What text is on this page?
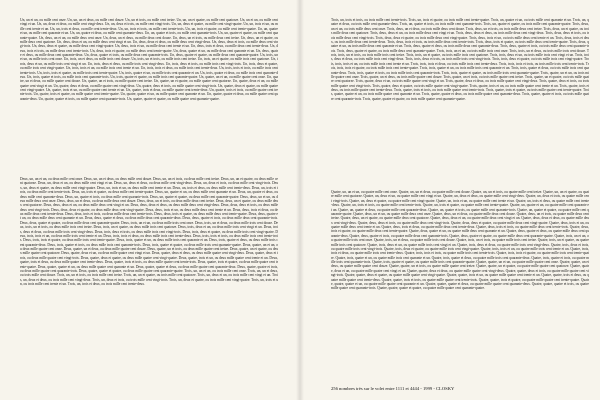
Un, un et un, ou mille cent onze. Un, un, un et deux, ou mille cent douze. Un, un et trois, ou mille cent treize. Un, un, un et quatre, ou mille cent quatorze. Un, un et un, ou mille cent vingt et un. Un, un, deux et deux, ou mille cent vingt-deux. Un, un, deux et trois, ou mille cent vingt-trois. Un, un, deux et quatre, ou mille cent vingt-quatre. Un, un, trois et un, ou mille cent trente et un. Un, un, trois et deux, ou mille cent trente-deux. Un, un, trois et trois, ou mille cent trente-trois. Un, un, trois et quatre, ou mille cent trente-quatre. Un, un, quatre et un, ou mille cent quarante et un. Un, un, quatre et deux, ou mille cent quarante-deux. Un, un, quatre et trois, ou mille cent quarante-trois. Un, un, quatre et quatre, ou mille cent quarante-quatre. Un, deux, un et un, ou mille deux cent onze. Un, deux, un et deux, ou mille deux cent douze. Un, deux, un et trois, ou mille deux cent treize. Un, deux, un et quatre, ou mille deux cent quatorze. Un, deux, deux et un, ou mille deux cent vingt et un. Un, deux, deux et deux, ou mille deux cent vingt-deux. Un, deux, deux et trois, ou mille deux cent vingt-trois. Un, deux, deux et quatre, ou mille deux cent vingt-quatre. Un, deux, trois et un, ou mille deux cent trente et un. Un, deux, trois et deux, ou mille deux cent trente-deux. Un, deux, trois et trois, ou mille deux cent trente-trois. Un, deux, trois et quatre, ou mille deux cent trente-quatre. Un, deux, quatre et un, ou mille deux cent quarante et un. Un, deux, quatre et deux, ou mille deux cent quarante-deux. Un, deux, quatre et trois, ou mille deux cent quarante-trois. Un, deux, quatre et quatre, ou mille deux cent quarante-quatre. Un, trois, un et un, ou mille trois cent onze. Un, trois, un et deux, ou mille trois cent douze. Un, trois, un et trois, ou mille trois cent treize. Un, trois, un et quatre, ou mille trois cent quatorze. Un, trois, deux et un, ou mille trois cent vingt et un. Un, trois, deux et deux, ou mille trois cent vingt-deux. Un, trois, deux et trois, ou mille trois cent vingt-trois. Un, trois, deux et quatre, ou mille trois cent vingt-quatre. Un, trois, trois et un, ou mille trois cent trente et un. Un, trois, trois et deux, ou mille trois cent trente-deux. Un, trois, trois et trois, ou mille trois cent trente-trois. Un, trois, trois et quatre, ou mille trois cent trente-quatre. Un, trois, quatre et un, ou mille trois cent quarante et un. Un, trois, quatre et deux, ou mille trois cent quarante-deux. Un, trois, quatre et trois, ou mille trois cent quarante-trois. Un, trois, quatre et quatre, ou mille trois cent quarante-quatre. Un, quatre, un et un, ou mille quatre cent onze. Un, quatre, un et deux, ou mille quatre cent douze. Un, quatre, un et trois, ou mille quatre cent treize. Un, quatre, un et quatre, ou mille quatre cent quatorze. Un, quatre, deux et un, ou mille quatre cent vingt et un. Un, quatre, deux et deux, ou mille quatre cent vingt-deux. Un, quatre, deux et trois, ou mille quatre cent vingt-trois. Un, quatre, deux et quatre, ou mille quatre cent vingt-quatre. Un, quatre, trois et un, ou mille quatre cent trente et un. Un, quatre, trois et deux, ou mille quatre cent trente-deux. Un, quatre, trois et trois, ou mille quatre cent trente-trois. Un, quatre, trois et quatre, ou mille quatre cent trente-quatre. Un, quatre, quatre et un, ou mille quatre cent quarante et un. Un, quatre, quatre et deux, ou mille quatre cent quarante-deux. Un, quatre, quatre et trois, ou mille quatre cent quarante-trois. Un, quatre, quatre et quatre, ou mille quatre cent quarante-quatre.

Deux, un, un et un, ou deux mille cent onze. Deux, un, un et deux, ou deux mille cent douze. Deux, un, un et trois, ou deux mille cent treize. Deux, un, un et quatre, ou deux mille cent quatorze. Deux, un, deux et un, ou deux mille cent vingt et un. Deux, un, deux et deux, ou deux mille cent vingt-deux. Deux, un, deux et trois, ou deux mille cent vingt-trois. Deux, un, deux et quatre, ou deux mille cent vingt-quatre. Deux, un, trois et un, ou deux mille cent trente et un. Deux, un, trois et deux, ou deux mille cent trente-deux. Deux, un, trois et trois, ou deux mille cent trente-trois. Deux, un, trois et quatre, ou deux mille cent trente-quatre. Deux, un, quatre et un, ou deux mille cent quarante et un. Deux, un, quatre et deux, ou deux mille cent quarante-deux. Deux, un, quatre et trois, ou deux mille cent quarante-trois. Deux, un, quatre et quatre, ou deux mille cent quarante-quatre. Deux, deux, un et un, ou deux mille deux cent onze. Deux, deux, un et deux, ou deux mille deux cent douze. Deux, deux, un et trois, ou deux mille deux cent treize. Deux, deux, un et quatre, ou deux mille deux cent quatorze. Deux, deux, deux et un, ou deux mille deux cent vingt et un. Deux, deux, deux et deux, ou deux mille deux cent vingt-deux. Deux, deux, deux et trois, ou deux mille deux cent vingt-trois. Deux, deux, deux et quatre, ou deux mille deux cent vingt-quatre. Deux, deux, trois et un, ou deux mille deux cent trente et un. Deux, deux, trois et deux, ou deux mille deux cent trente-deux. Deux, deux, trois et trois, ou deux mille deux cent trente-trois. Deux, deux, trois et quatre, ou deux mille deux cent trente-quatre. Deux, deux, quatre et un, ou deux mille deux cent quarante et un. Deux, deux, quatre et deux, ou deux mille deux cent quarante-deux. Deux, deux, quatre et trois, ou deux mille deux cent quarante-trois. Deux, deux, quatre et quatre, ou deux mille deux cent quarante-quatre. Deux, trois, un et un, ou deux mille trois cent onze. Deux, trois, un et deux, ou deux mille trois cent douze. Deux, trois, un et trois, ou deux mille trois cent treize. Deux, trois, un et quatre, ou deux mille trois cent quatorze. Deux, trois, deux et un, ou deux mille trois cent vingt et un. Deux, trois, deux et deux, ou deux mille trois cent vingt-deux. Deux, trois, deux et trois, ou deux mille trois cent vingt-trois. Deux, trois, deux et quatre, ou deux mille trois cent vingt-quatre. Deux, trois, trois et un, ou deux mille trois cent trente et un. Deux, trois, trois et deux, ou deux mille trois cent trente-deux. Deux, trois, trois et trois, ou deux mille trois cent trente-trois. Deux, trois, trois et quatre, ou deux mille trois cent trente-quatre. Deux, trois, quatre et un, ou deux mille trois cent quarante et un. Deux, trois, quatre et deux, ou deux mille trois cent quarante-deux. Deux, trois, quatre et trois, ou deux mille trois cent quarante-trois. Deux, trois, quatre et quatre, ou deux mille trois cent quarante-quatre. Deux, quatre, un et un, ou deux mille quatre cent onze. Deux, quatre, un et deux, ou deux mille quatre cent douze. Deux, quatre, un et trois, ou deux mille quatre cent treize. Deux, quatre, un et quatre, ou deux mille quatre cent quatorze. Deux, quatre, deux et un, ou deux mille quatre cent vingt et un. Deux, quatre, deux et deux, ou deux mille quatre cent vingt-deux. Deux, quatre, deux et trois, ou deux mille quatre cent vingt-trois. Deux, quatre, deux et quatre, ou deux mille quatre cent vingt-quatre. Deux, quatre, trois et un, ou deux mille quatre cent trente et un. Deux, quatre, trois et deux, ou deux mille quatre cent trente-deux. Deux, quatre, trois et trois, ou deux mille quatre cent trente-trois. Deux, quatre, trois et quatre, ou deux mille quatre cent trente-quatre. Deux, quatre, quatre et un, ou deux mille quatre cent quarante et un. Deux, quatre, quatre et deux, ou deux mille quatre cent quarante-deux. Deux, quatre, quatre et trois, ou deux mille quatre cent quarante-trois. Deux, quatre, quatre et quatre, ou deux mille quatre cent quarante-quatre. Trois, un, un et un, ou trois mille cent onze. Trois, un, un et deux, ou trois mille cent douze. Trois, un, un et trois, ou trois mille cent treize. Trois, un, un et quatre, ou trois mille cent quatorze. Trois, un, deux et un, ou trois mille cent vingt et un. Trois, un, deux et deux, ou trois mille cent vingt-deux. Trois, un, deux et trois, ou trois mille cent vingt-trois. Trois, un, deux et quatre, ou trois mille cent vingt-quatre. Trois, un, trois et un, ou trois mille cent trente et un. Trois, un, trois et deux, ou trois mille cent trente-deux.

Trois, un, trois et trois, ou trois mille cent trente-trois. Trois, un, trois et quatre, ou trois mille cent trente-quatre. Trois, un, quatre et un, ou trois mille cent quarante et un. Trois, un, quatre et deux, ou trois mille cent quarante-deux. Trois, un, quatre et trois, ou trois mille cent quarante-trois. Trois, un, quatre et quatre, ou trois mille cent quarante-quatre. Trois, deux, un et un, ou trois mille deux cent onze. Trois, deux, un et deux, ou trois mille deux cent douze. Trois, deux, un et trois, ou trois mille deux cent treize. Trois, deux, un et quatre, ou trois mille deux cent quatorze. Trois, deux, deux et un, ou trois mille deux cent vingt et un. Trois, deux, deux et deux, ou trois mille deux cent vingt-deux. Trois, deux, deux et trois, ou trois mille deux cent vingt-trois. Trois, deux, deux et quatre, ou trois mille deux cent vingt-quatre. Trois, deux, trois et un, ou trois mille deux cent trente et un. Trois, deux, trois et deux, ou trois mille deux cent trente-deux. Trois, deux, trois et trois, ou trois mille deux cent trente-trois. Trois, deux, trois et quatre, ou trois mille deux cent trente-quatre. Trois, deux, quatre et un, ou trois mille deux cent quarante et un. Trois, deux, quatre et deux, ou trois mille deux cent quarante-deux. Trois, deux, quatre et trois, ou trois mille deux cent quarante-trois. Trois, deux, quatre et quatre, ou trois mille deux cent quarante-quatre. Trois, trois, un et un, ou trois mille trois cent onze. Trois, trois, un et deux, ou trois mille trois cent douze. Trois, trois, un et trois, ou trois mille trois cent treize. Trois, trois, un et quatre, ou trois mille trois cent quatorze. Trois, trois, deux et un, ou trois mille trois cent vingt et un. Trois, trois, deux et deux, ou trois mille trois cent vingt-deux. Trois, trois, deux et trois, ou trois mille trois cent vingt-trois. Trois, trois, deux et quatre, ou trois mille trois cent vingt-quatre. Trois, trois, trois et un, ou trois mille trois cent trente et un. Trois, trois, trois et deux, ou trois mille trois cent trente-deux. Trois, trois, trois et trois, ou trois mille trois cent trente-trois. Trois, trois, trois et quatre, ou trois mille trois cent trente-quatre. Trois, trois, quatre et un, ou trois mille trois cent quarante et un. Trois, trois, quatre et deux, ou trois mille trois cent quarante-deux. Trois, trois, quatre et trois, ou trois mille trois cent quarante-trois. Trois, trois, quatre et quatre, ou trois mille trois cent quarante-quatre. Trois, quatre, un et un, ou trois mille quatre cent onze. Trois, quatre, un et deux, ou trois mille quatre cent douze. Trois, quatre, un et trois, ou trois mille quatre cent treize. Trois, quatre, un et quatre, ou trois mille quatre cent quatorze. Trois, quatre, deux et un, ou trois mille quatre cent vingt et un. Trois, quatre, deux et deux, ou trois mille quatre cent vingt-deux. Trois, quatre, deux et trois, ou trois mille quatre cent vingt-trois. Trois, quatre, deux et quatre, ou trois mille quatre cent vingt-quatre. Trois, quatre, trois et un, ou trois mille quatre cent trente et un. Trois, quatre, trois et deux, ou trois mille quatre cent trente-deux. Trois, quatre, trois et trois, ou trois mille quatre cent trente-trois. Trois, quatre, trois et quatre, ou trois mille quatre cent trente-quatre. Trois, quatre, quatre et un, ou trois mille quatre cent quarante et un. Trois, quatre, quatre et deux, ou trois mille quatre cent quarante-deux. Trois, quatre, quatre et trois, ou trois mille quatre cent quarante-trois. Trois, quatre, quatre et quatre, ou trois mille quatre cent quarante-quatre.

Quatre, un, un et un, ou quatre mille cent onze. Quatre, un, un et deux, ou quatre mille cent douze. Quatre, un, un et trois, ou quatre mille cent treize. Quatre, un, un et quatre, ou quatre mille cent quatorze. Quatre, un, deux et un, ou quatre mille cent vingt et un. Quatre, un, deux et deux, ou quatre mille cent vingt-deux. Quatre, un, deux et trois, ou quatre mille cent vingt-trois. Quatre, un, deux et quatre, ou quatre mille cent vingt-quatre. Quatre, un, trois et un, ou quatre mille cent trente et un. Quatre, un, trois et deux, ou quatre mille cent trente-deux. Quatre, un, trois et trois, ou quatre mille cent trente-trois. Quatre, un, trois et quatre, ou quatre mille cent trente-quatre. Quatre, un, quatre et un, ou quatre mille cent quarante et un. Quatre, un, quatre et deux, ou quatre mille cent quarante-deux. Quatre, un, quatre et trois, ou quatre mille cent quarante-trois. Quatre, un, quatre et quatre, ou quatre mille cent quarante-quatre. Quatre, deux, un et un, ou quatre mille deux cent onze. Quatre, deux, un et deux, ou quatre mille deux cent douze. Quatre, deux, un et trois, ou quatre mille deux cent treize. Quatre, deux, un et quatre, ou quatre mille deux cent quatorze. Quatre, deux, deux et un, ou quatre mille deux cent vingt et un. Quatre, deux, deux et deux, ou quatre mille deux cent vingt-deux. Quatre, deux, deux et trois, ou quatre mille deux cent vingt-trois. Quatre, deux, deux et quatre, ou quatre mille deux cent vingt-quatre. Quatre, deux, trois et un, ou quatre mille deux cent trente et un. Quatre, deux, trois et deux, ou quatre mille deux cent trente-deux. Quatre, deux, trois et trois, ou quatre mille deux cent trente-trois. Quatre, deux, trois et quatre, ou quatre mille deux cent trente-quatre. Quatre, deux, quatre et un, ou quatre mille deux cent quarante et un. Quatre, deux, quatre et deux, ou quatre mille deux cent quarante-deux. Quatre, deux, quatre et trois, ou quatre mille deux cent quarante-trois. Quatre, deux, quatre et quatre, ou quatre mille deux cent quarante-quatre. Quatre, trois, un et un, ou quatre mille trois cent onze. Quatre, trois, un et deux, ou quatre mille trois cent douze. Quatre, trois, un et trois, ou quatre mille trois cent treize. Quatre, trois, un et quatre, ou quatre mille trois cent quatorze. Quatre, trois, deux et un, ou quatre mille trois cent vingt et un. Quatre, trois, deux et deux, ou quatre mille trois cent vingt-deux. Quatre, trois, deux et trois, ou quatre mille trois cent vingt-trois. Quatre, trois, deux et quatre, ou quatre mille trois cent vingt-quatre. Quatre, trois, trois et un, ou quatre mille trois cent trente et un. Quatre, trois, trois et deux, ou quatre mille trois cent trente-deux. Quatre, trois, trois et trois, ou quatre mille trois cent trente-trois. Quatre, trois, trois et quatre, ou quatre mille trois cent trente-quatre. Quatre, trois, quatre et un, ou quatre mille trois cent quarante et un. Quatre, trois, quatre et deux, ou quatre mille trois cent quarante-deux. Quatre, trois, quatre et trois, ou quatre mille trois cent quarante-trois. Quatre, trois, quatre et quatre, ou quatre mille trois cent quarante-quatre. Quatre, quatre, un et un, ou quatre mille quatre cent onze. Quatre, quatre, un et deux, ou quatre mille quatre cent douze. Quatre, quatre, un et trois, ou quatre mille quatre cent treize. Quatre, quatre, un et quatre, ou quatre mille quatre cent quatorze. Quatre, quatre, deux et un, ou quatre mille quatre cent vingt et un. Quatre, quatre, deux et deux, ou quatre mille quatre cent vingt-deux. Quatre, quatre, deux et trois, ou quatre mille quatre cent vingt-trois. Quatre, quatre, deux et quatre, ou quatre mille quatre cent vingt-quatre. Quatre, quatre, trois et un, ou quatre mille quatre cent trente et un. Quatre, quatre, trois et deux, ou quatre mille quatre cent trente-deux. Quatre, quatre, trois et trois, ou quatre mille quatre cent trente-trois. Quatre, quatre, trois et quatre, ou quatre mille quatre cent trente-quatre. Quatre, quatre, quatre et un, ou quatre mille quatre cent quarante et un. Quatre, quatre, quatre et deux, ou quatre mille quatre cent quarante-deux. Quatre, quatre, quatre et trois, ou quatre mille quatre cent quarante-trois. Quatre, quatre, quatre et quatre, ou quatre mille quatre cent quarante-quatre.

256 nombres très sur le volet entre 1111 et 4444 - 1999 - CLOSKY
